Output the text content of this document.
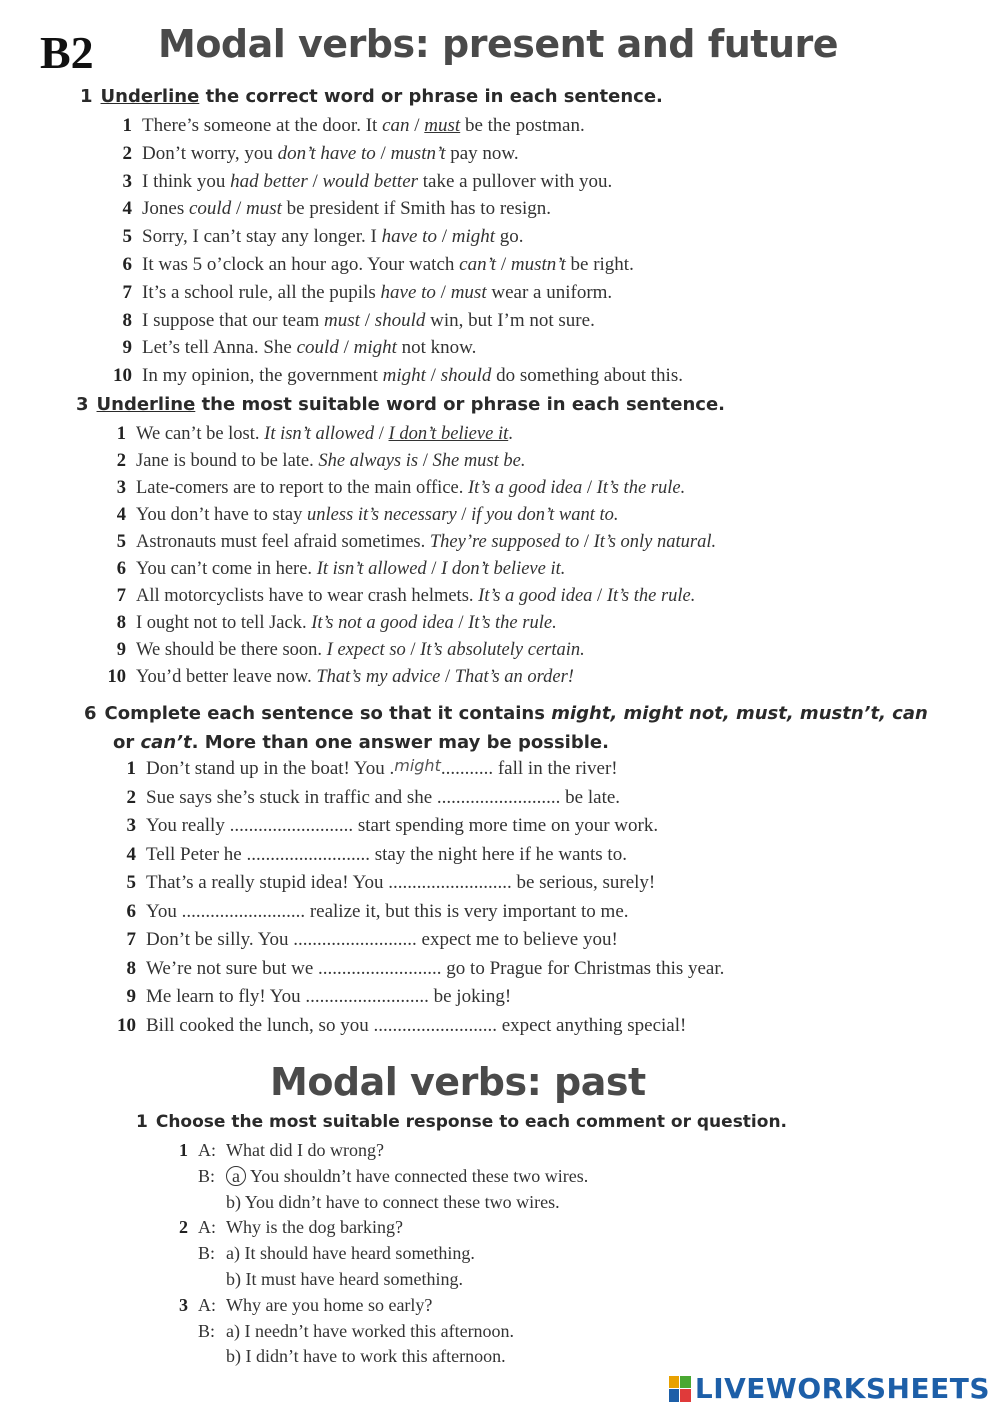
B2 Modal verbs: present and future
1 Underline the correct word or phrase in each sentence.
1 There’s someone at the door. It can / must be the postman.
2 Don’t worry, you don’t have to / mustn’t pay now.
3 I think you had better / would better take a pullover with you.
4 Jones could / must be president if Smith has to resign.
5 Sorry, I can’t stay any longer. I have to / might go.
6 It was 5 o’clock an hour ago. Your watch can’t / mustn’t be right.
7 It’s a school rule, all the pupils have to / must wear a uniform.
8 I suppose that our team must / should win, but I’m not sure.
9 Let’s tell Anna. She could / might not know.
10 In my opinion, the government might / should do something about this.
3 Underline the most suitable word or phrase in each sentence.
1 We can’t be lost. It isn’t allowed / I don’t believe it.
2 Jane is bound to be late. She always is / She must be.
3 Late-comers are to report to the main office. It’s a good idea / It’s the rule.
4 You don’t have to stay unless it’s necessary / if you don’t want to.
5 Astronauts must feel afraid sometimes. They’re supposed to / It’s only natural.
6 You can’t come in here. It isn’t allowed / I don’t believe it.
7 All motorcyclists have to wear crash helmets. It’s a good idea / It’s the rule.
8 I ought not to tell Jack. It’s not a good idea / It’s the rule.
9 We should be there soon. I expect so / It’s absolutely certain.
10 You’d better leave now. That’s my advice / That’s an order!
6 Complete each sentence so that it contains might, might not, must, mustn’t, can
or can’t. More than one answer may be possible.
1 Don’t stand up in the boat! You .might........... fall in the river!
2 Sue says she’s stuck in traffic and she .......................... be late.
3 You really .......................... start spending more time on your work.
4 Tell Peter he .......................... stay the night here if he wants to.
5 That’s a really stupid idea! You .......................... be serious, surely!
6 You .......................... realize it, but this is very important to me.
7 Don’t be silly. You .......................... expect me to believe you!
8 We’re not sure but we .......................... go to Prague for Christmas this year.
9 Me learn to fly! You .......................... be joking!
10 Bill cooked the lunch, so you .......................... expect anything special!
Modal verbs: past
1 Choose the most suitable response to each comment or question.
1 A: What did I do wrong?
B: a You shouldn’t have connected these two wires.
b) You didn’t have to connect these two wires.
2 A: Why is the dog barking?
B: a) It should have heard something.
b) It must have heard something.
3 A: Why are you home so early?
B: a) I needn’t have worked this afternoon.
b) I didn’t have to work this afternoon.
LIVEWORKSHEETS
